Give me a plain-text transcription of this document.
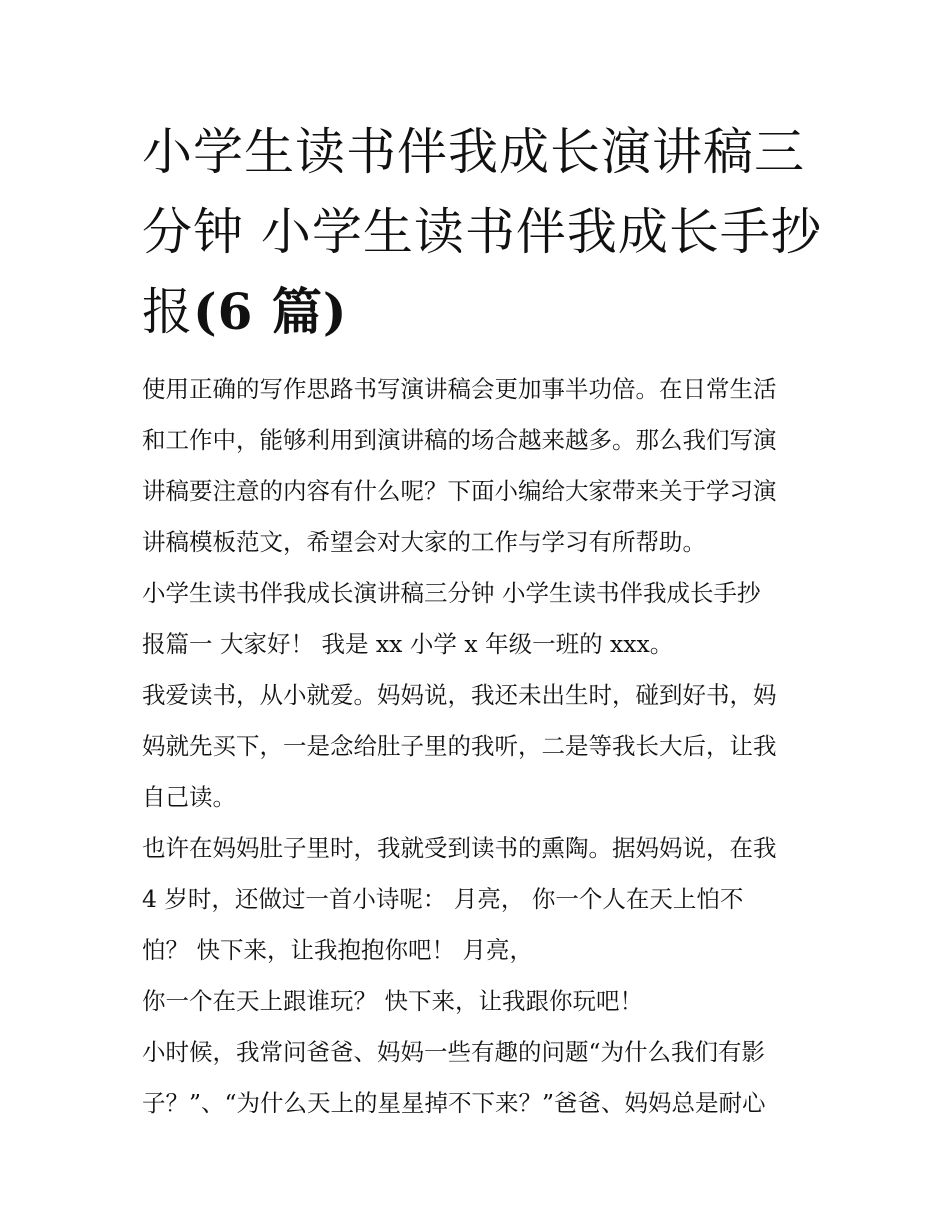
小学生读书伴我成长演讲稿三
分钟 小学生读书伴我成长手抄
报(6 篇)

使用正确的写作思路书写演讲稿会更加事半功倍。在日常生活
和工作中，能够利用到演讲稿的场合越来越多。那么我们写演
讲稿要注意的内容有什么呢？下面小编给大家带来关于学习演
讲稿模板范文，希望会对大家的工作与学习有所帮助。

小学生读书伴我成长演讲稿三分钟 小学生读书伴我成长手抄
报篇一 大家好！ 我是 xx 小学 x 年级一班的 xxx。

我爱读书，从小就爱。妈妈说，我还未出生时，碰到好书，妈
妈就先买下，一是念给肚子里的我听，二是等我长大后，让我
自己读。

也许在妈妈肚子里时，我就受到读书的熏陶。据妈妈说，在我
4 岁时，还做过一首小诗呢： 月亮， 你一个人在天上怕不
怕？ 快下来，让我抱抱你吧！ 月亮，

你一个在天上跟谁玩？ 快下来，让我跟你玩吧！

小时候，我常问爸爸、妈妈一些有趣的问题“为什么我们有影
子？”、“为什么天上的星星掉不下来？”爸爸、妈妈总是耐心
